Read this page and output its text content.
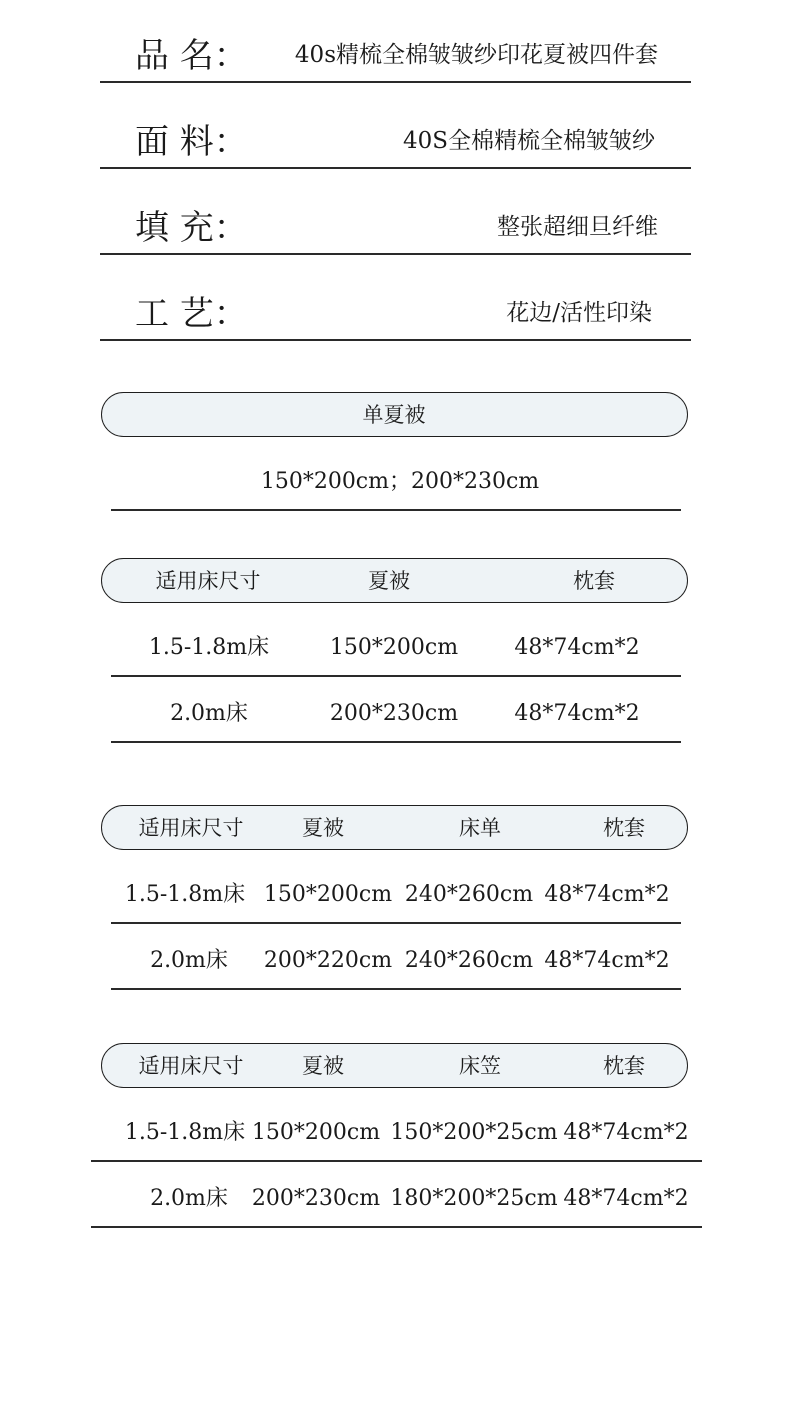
品 名： 40s精梳全棉皱皱纱印花夏被四件套
面 料：	40S全棉精梳全棉皱皱纱
填 充：	整张超细旦纤维
工 艺：	花边/活性印染
单夏被
150*200cm；200*230cm
适用床尺寸	夏被	枕套
1.5-1.8m床	150*200cm	48*74cm*2
2.0m床	200*230cm	48*74cm*2
适用床尺寸	夏被	床单	枕套
1.5-1.8m床 150*200cm 240*260cm 48*74cm*2
2.0m床 200*220cm 240*260cm 48*74cm*2
适用床尺寸	夏被	床笠	枕套
1.5-1.8m床 150*200cm 150*200*25cm 48*74cm*2
2.0m床 200*230cm 180*200*25cm 48*74cm*2
